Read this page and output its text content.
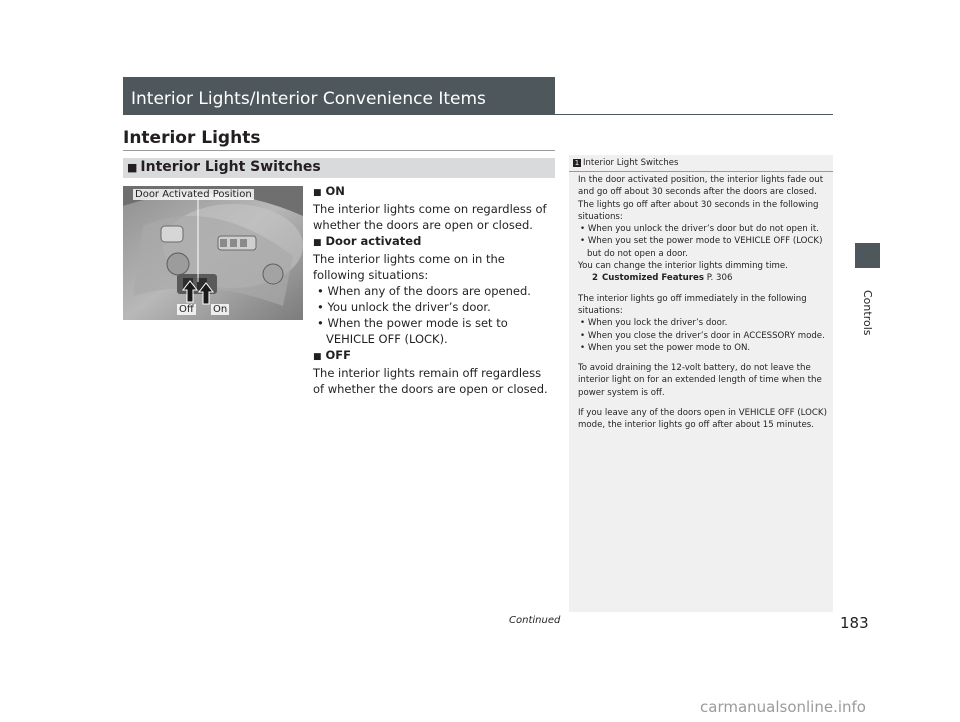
Interior Lights/Interior Convenience Items
Interior Lights
■ Interior Light Switches
Door Activated Position
Off On

■ ON

The interior lights come on regardless of whether the doors are open or closed.

■ Door activated

The interior lights come on in the following situations:

• When any of the doors are opened.

• You unlock the driver’s door.

• When the power mode is set to VEHICLE OFF (LOCK).

■ OFF

The interior lights remain off regardless of whether the doors are open or closed.

1 Interior Light Switches

In the door activated position, the interior lights fade out and go off about 30 seconds after the doors are closed.

The lights go off after about 30 seconds in the following situations:

• When you unlock the driver’s door but do not open it.

• When you set the power mode to VEHICLE OFF (LOCK) but do not open a door.

You can change the interior lights dimming time.

2 Customized Features P. 306

The interior lights go off immediately in the following situations:

• When you lock the driver’s door.

• When you close the driver’s door in ACCESSORY mode.

• When you set the power mode to ON.

To avoid draining the 12-volt battery, do not leave the interior light on for an extended length of time when the power system is off.

If you leave any of the doors open in VEHICLE OFF (LOCK) mode, the interior lights go off after about 15 minutes.

Controls
Continued	183
carmanualsonline.info
